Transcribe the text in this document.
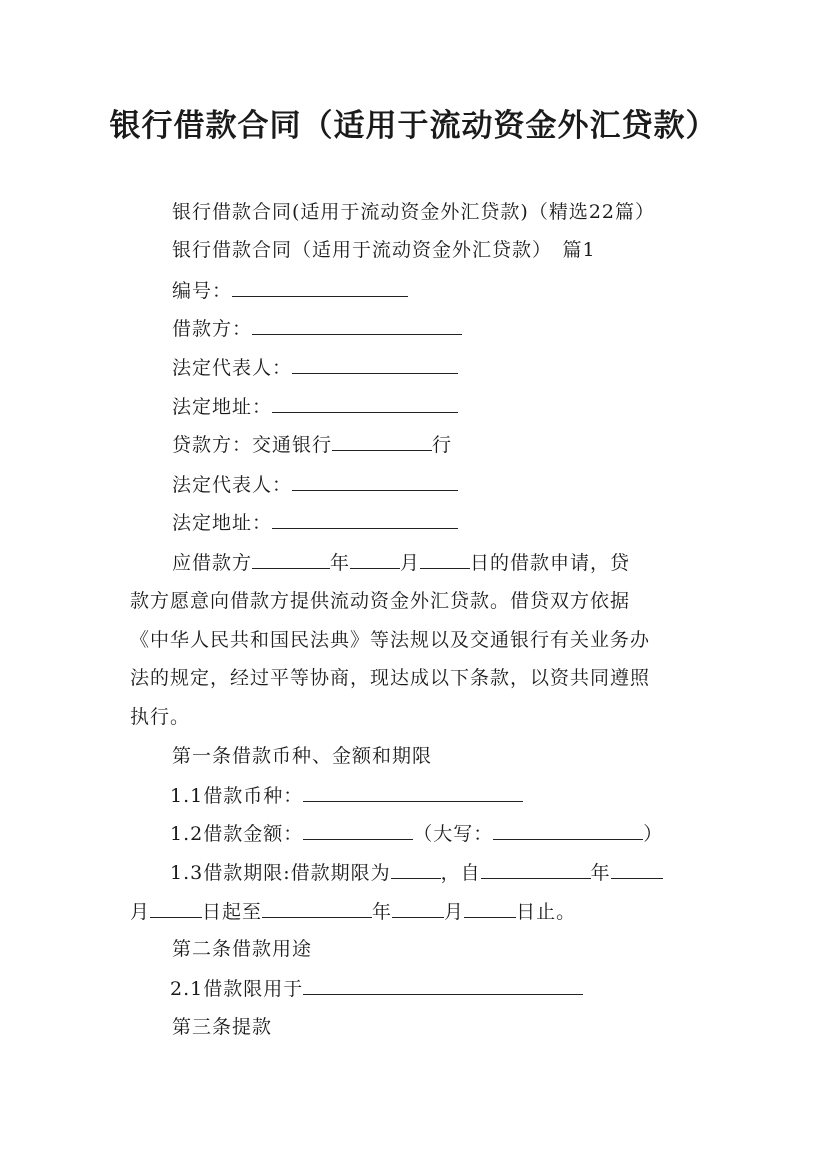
银行借款合同（适用于流动资金外汇贷款）
银行借款合同(适用于流动资金外汇贷款)（精选22篇）
银行借款合同（适用于流动资金外汇贷款）　篇1
编号：
借款方：
法定代表人：
法定地址：
贷款方：交通银行	行
法定代表人：
法定地址：
应借款方	年	月	日的借款申请，贷
款方愿意向借款方提供流动资金外汇贷款。借贷双方依据
《中华人民共和国民法典》等法规以及交通银行有关业务办
法的规定，经过平等协商，现达成以下条款，以资共同遵照
执行。
第一条借款币种、金额和期限
1.1借款币种：
1.2借款金额：	（大写：	）
1.3借款期限:借款期限为	，自	年
月	日起至	年	月	日止。
第二条借款用途
2.1借款限用于
第三条提款
